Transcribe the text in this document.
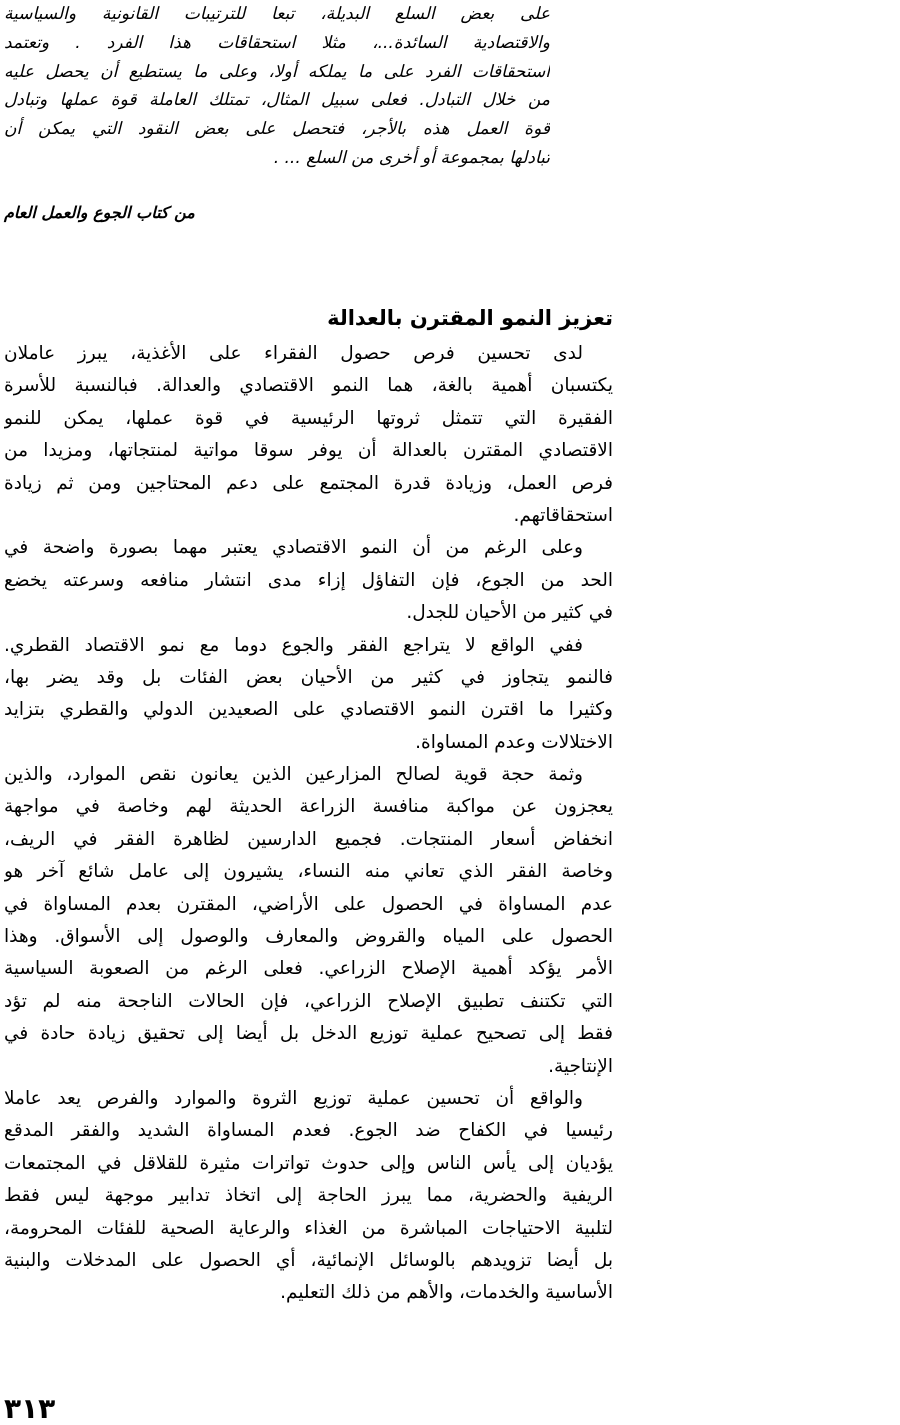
على بعض السلع البديلة، تبعا للترتيبات القانونية والسياسية
والاقتصادية السائدة...، مثلا استحقاقات هذا الفرد . وتعتمد
استحقاقات الفرد على ما يملكه أولا، وعلى ما يستطيع أن يحصل عليه
من خلال التبادل. فعلى سبيل المثال، تمتلك العاملة قوة عملها وتبادل
قوة العمل هذه بالأجر، فتحصل على بعض النقود التي يمكن أن
تبادلها بمجموعة أو أخرى من السلع ... .
من كتاب الجوع والعمل العام
تعزيز النمو المقترن بالعدالة
لدى تحسين فرص حصول الفقراء على الأغذية، يبرز عاملان
يكتسبان أهمية بالغة، هما النمو الاقتصادي والعدالة. فبالنسبة للأسرة
الفقيرة التي تتمثل ثروتها الرئيسية في قوة عملها، يمكن للنمو
الاقتصادي المقترن بالعدالة أن يوفر سوقا مواتية لمنتجاتها، ومزيدا من
فرص العمل، وزيادة قدرة المجتمع على دعم المحتاجين ومن ثم زيادة
استحقاقاتهم.
وعلى الرغم من أن النمو الاقتصادي يعتبر مهما بصورة واضحة في
الحد من الجوع، فإن التفاؤل إزاء مدى انتشار منافعه وسرعته يخضع
في كثير من الأحيان للجدل.
ففي الواقع لا يتراجع الفقر والجوع دوما مع نمو الاقتصاد القطري.
فالنمو يتجاوز في كثير من الأحيان بعض الفئات بل وقد يضر بها،
وكثيرا ما اقترن النمو الاقتصادي على الصعيدين الدولي والقطري بتزايد
الاختلالات وعدم المساواة.
وثمة حجة قوية لصالح المزارعين الذين يعانون نقص الموارد، والذين
يعجزون عن مواكبة منافسة الزراعة الحديثة لهم وخاصة في مواجهة
انخفاض أسعار المنتجات. فجميع الدارسين لظاهرة الفقر في الريف،
وخاصة الفقر الذي تعاني منه النساء، يشيرون إلى عامل شائع آخر هو
عدم المساواة في الحصول على الأراضي، المقترن بعدم المساواة في
الحصول على المياه والقروض والمعارف والوصول إلى الأسواق. وهذا
الأمر يؤكد أهمية الإصلاح الزراعي. فعلى الرغم من الصعوبة السياسية
التي تكتنف تطبيق الإصلاح الزراعي، فإن الحالات الناجحة منه لم تؤد
فقط إلى تصحيح عملية توزيع الدخل بل أيضا إلى تحقيق زيادة حادة في
الإنتاجية.
والواقع أن تحسين عملية توزيع الثروة والموارد والفرص يعد عاملا
رئيسيا في الكفاح ضد الجوع. فعدم المساواة الشديد والفقر المدقع
يؤديان إلى يأس الناس وإلى حدوث تواترات مثيرة للقلاقل في المجتمعات
الريفية والحضرية، مما يبرز الحاجة إلى اتخاذ تدابير موجهة ليس فقط
لتلبية الاحتياجات المباشرة من الغذاء والرعاية الصحية للفئات المحرومة،
بل أيضا تزويدهم بالوسائل الإنمائية، أي الحصول على المدخلات والبنية
الأساسية والخدمات، والأهم من ذلك التعليم.
٣١٣
